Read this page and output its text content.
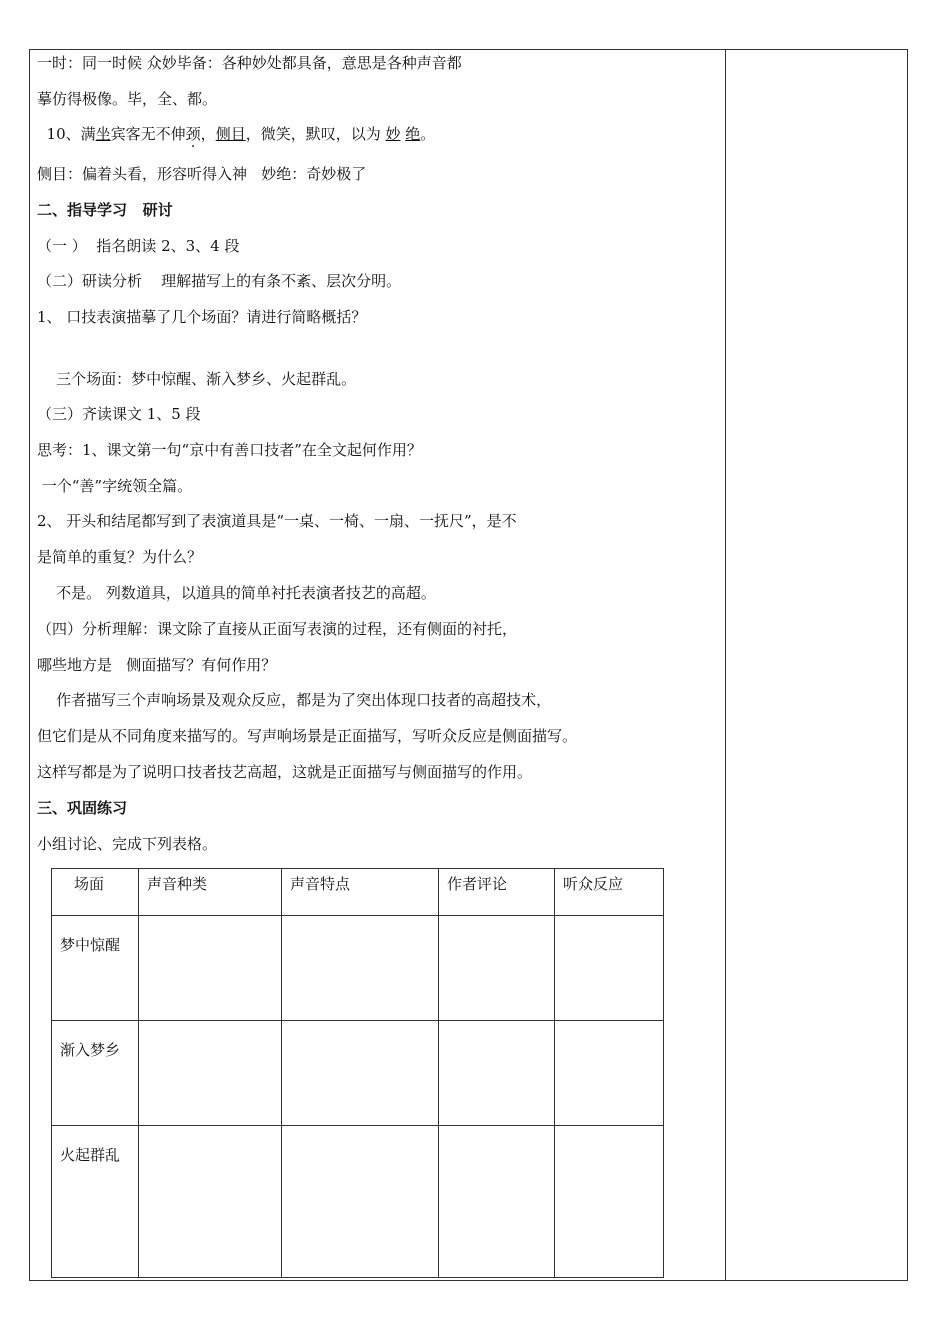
一时：同一时候 众妙毕备：各种妙处都具备，意思是各种声音都
摹仿得极像。毕，全、都。
10、满坐宾客无不伸颈，侧目，微笑，默叹，以为 妙 绝。
侧目：偏着头看，形容听得入神   妙绝：奇妙极了
二、指导学习   研讨
（一 ）  指名朗读 2、3、4 段
（二）研读分析    理解描写上的有条不紊、层次分明。
1、 口技表演描摹了几个场面？请进行简略概括？
三个场面：梦中惊醒、渐入梦乡、火起群乱。
（三）齐读课文 1、5 段
思考：1、课文第一句“京中有善口技者”在全文起何作用？
一个“善”字统领全篇。
2、 开头和结尾都写到了表演道具是“一桌、一椅、一扇、一抚尺”，是不
是简单的重复？为什么？
不是。 列数道具，以道具的简单衬托表演者技艺的高超。
（四）分析理解：课文除了直接从正面写表演的过程，还有侧面的衬托，
哪些地方是   侧面描写？有何作用？
作者描写三个声响场景及观众反应，都是为了突出体现口技者的高超技术，
但它们是从不同角度来描写的。写声响场景是正面描写，写听众反应是侧面描写。
这样写都是为了说明口技者技艺高超，这就是正面描写与侧面描写的作用。
三、巩固练习
小组讨论、完成下列表格。
场面	声音种类	声音特点	作者评论	听众反应
梦中惊醒				
渐入梦乡				
火起群乱				
